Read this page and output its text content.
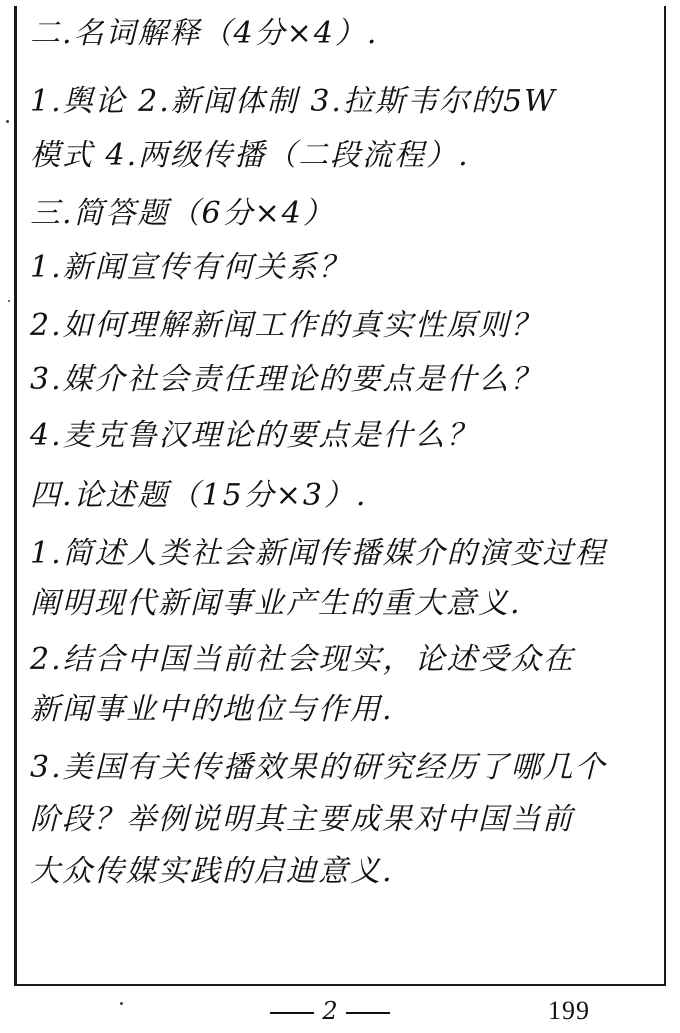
二.名词解释（4分×4）.
1.舆论 2.新闻体制 3.拉斯韦尔的5W
模式 4.两级传播（二段流程）.
三.简答题（6分×4）
1.新闻宣传有何关系？
2.如何理解新闻工作的真实性原则？
3.媒介社会责任理论的要点是什么？
4.麦克鲁汉理论的要点是什么？
四.论述题（15分×3）.
1.简述人类社会新闻传播媒介的演变过程
阐明现代新闻事业产生的重大意义.
2.结合中国当前社会现实，论述受众在
新闻事业中的地位与作用.
3.美国有关传播效果的研究经历了哪几个
阶段？举例说明其主要成果对中国当前
大众传媒实践的启迪意义.
2	199
